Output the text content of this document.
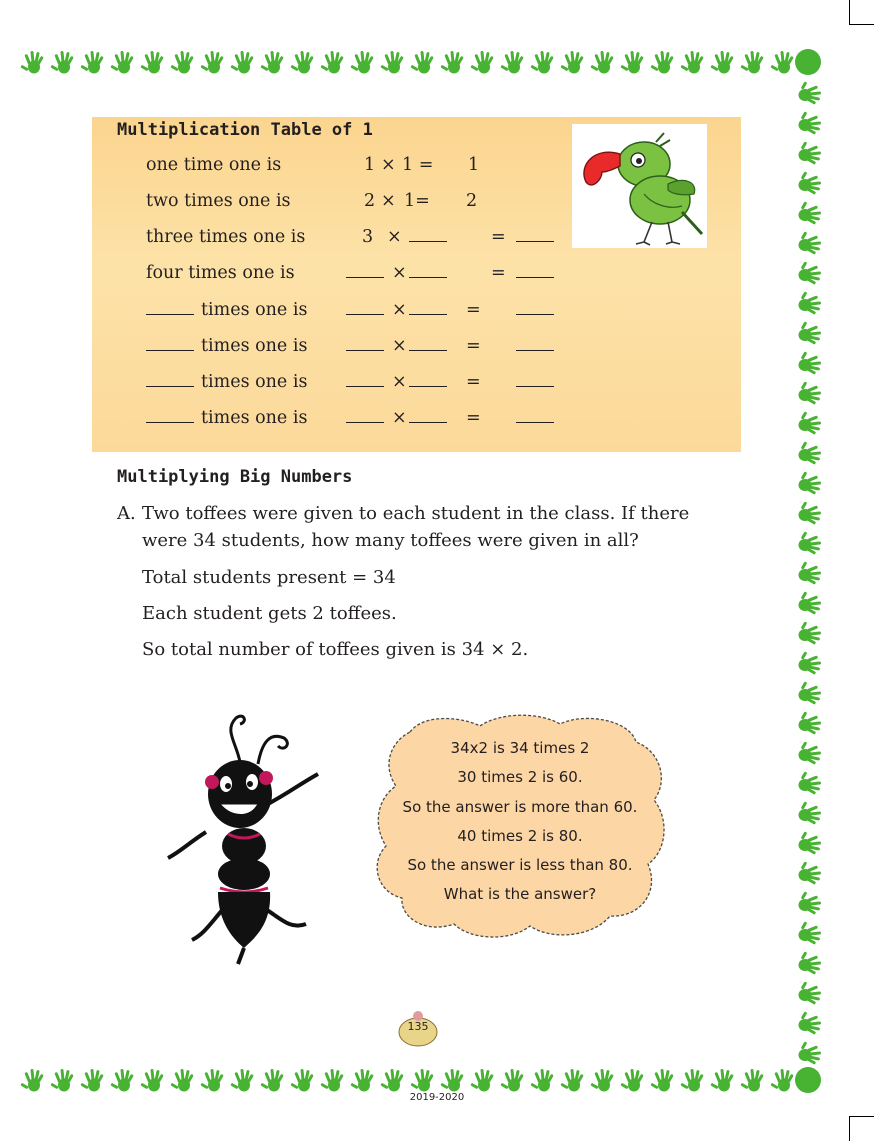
Multiplication Table of 1
one time one is	1 × 1 = 1
two times one is	2 × 1= 2
three times one is	3 ×	=
four times one is	×	=
times one is	×	=
times one is	×	=
times one is	×	=
times one is	×	=
Multiplying Big Numbers
A. Two toffees were given to each student in the class. If there
were 34 students, how many toffees were given in all?
Total students present = 34
Each student gets 2 toffees.
So total number of toffees given is 34 × 2.
34x2 is 34 times 2
30 times 2 is 60.
So the answer is more than 60.
40 times 2 is 80.
So the answer is less than 80.
What is the answer?
135
2019-2020
